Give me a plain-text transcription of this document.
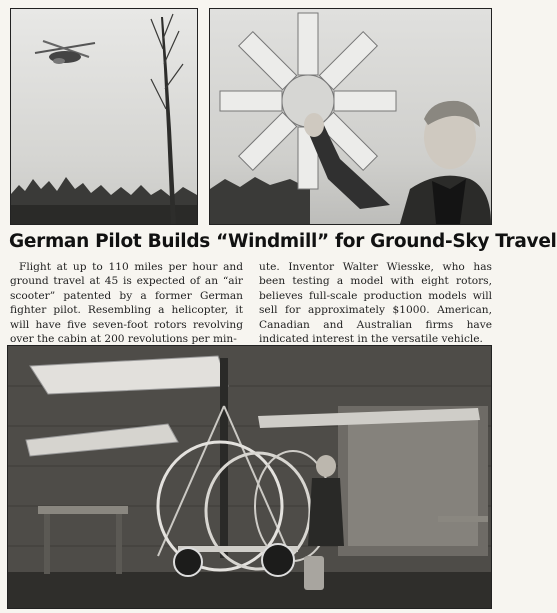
German Pilot Builds “Windmill” for Ground-Sky Travel

Flight at up to 110 miles per hour and ground travel at 45 is expected of an “air scooter” patented by a former German fighter pilot. Resembling a helicopter, it will have five seven-foot rotors revolving over the cabin at 200 revolutions per min-

ute. Inventor Walter Wiesske, who has been testing a model with eight rotors, believes full-scale production models will sell for approximately $1000. American, Canadian and Australian firms have indicated interest in the versatile vehicle.
